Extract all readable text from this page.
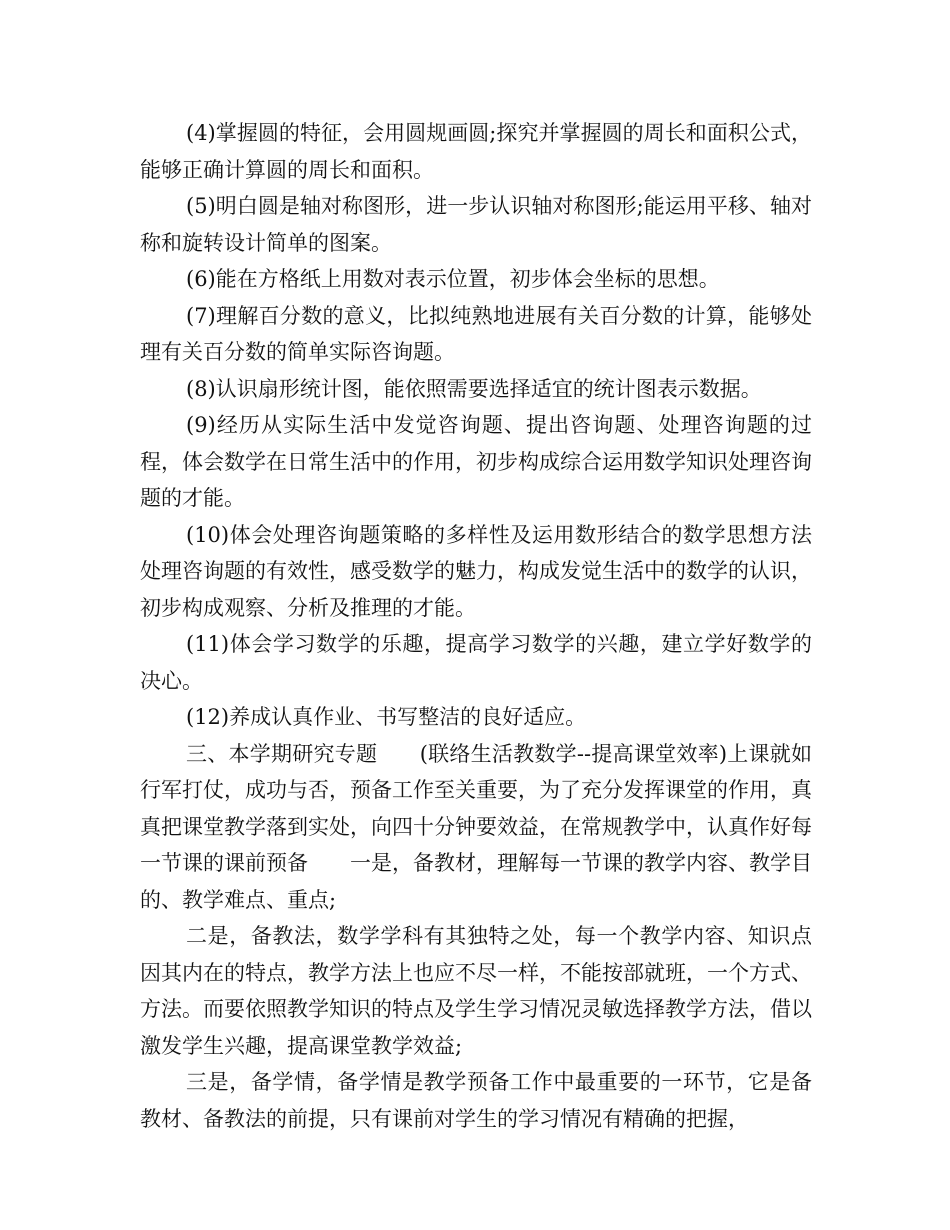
(4)掌握圆的特征，会用圆规画圆;探究并掌握圆的周长和面积公式，能够正确计算圆的周长和面积。

(5)明白圆是轴对称图形，进一步认识轴对称图形;能运用平移、轴对称和旋转设计简单的图案。

(6)能在方格纸上用数对表示位置，初步体会坐标的思想。

(7)理解百分数的意义，比拟纯熟地进展有关百分数的计算，能够处理有关百分数的简单实际咨询题。

(8)认识扇形统计图，能依照需要选择适宜的统计图表示数据。

(9)经历从实际生活中发觉咨询题、提出咨询题、处理咨询题的过程，体会数学在日常生活中的作用，初步构成综合运用数学知识处理咨询题的才能。

(10)体会处理咨询题策略的多样性及运用数形结合的数学思想方法处理咨询题的有效性，感受数学的魅力，构成发觉生活中的数学的认识，初步构成观察、分析及推理的才能。

(11)体会学习数学的乐趣，提高学习数学的兴趣，建立学好数学的决心。

(12)养成认真作业、书写整洁的良好适应。

三、本学期研究专题　　(联络生活教数学--提高课堂效率)上课就如行军打仗，成功与否，预备工作至关重要，为了充分发挥课堂的作用，真真把课堂教学落到实处，向四十分钟要效益，在常规教学中，认真作好每一节课的课前预备　　一是，备教材，理解每一节课的教学内容、教学目的、教学难点、重点;

二是，备教法，数学学科有其独特之处，每一个教学内容、知识点因其内在的特点，教学方法上也应不尽一样，不能按部就班，一个方式、方法。而要依照教学知识的特点及学生学习情况灵敏选择教学方法，借以激发学生兴趣，提高课堂教学效益;

三是，备学情，备学情是教学预备工作中最重要的一环节，它是备教材、备教法的前提，只有课前对学生的学习情况有精确的把握，
